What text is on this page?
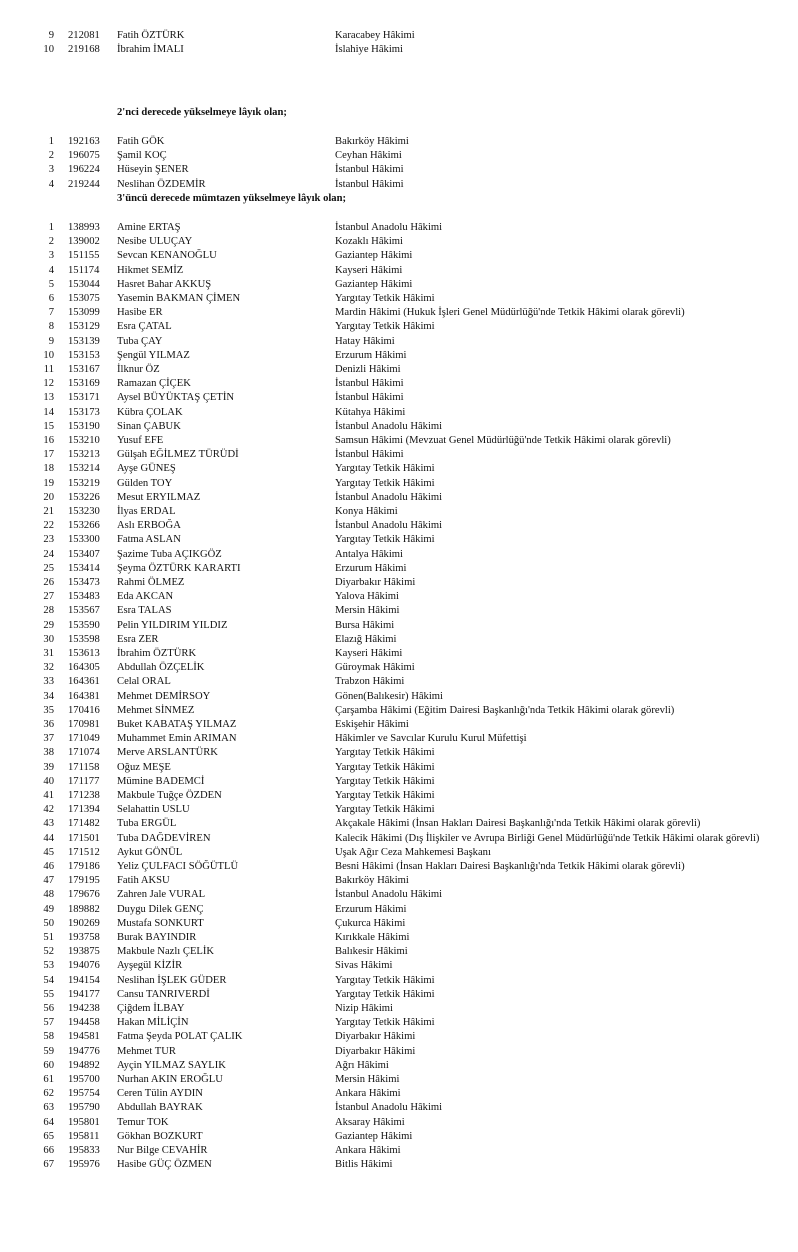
9 212081 Fatih ÖZTÜRK	Karacabey Hâkimi
10 219168 İbrahim İMALI	İslahiye Hâkimi
2'nci derecede yükselmeye lâyık olan;
1 192163 Fatih GÖK	Bakırköy Hâkimi
2 196075 Şamil KOÇ	Ceyhan Hâkimi
3 196224 Hüseyin ŞENER	İstanbul Hâkimi
4 219244 Neslihan ÖZDEMİR	İstanbul Hâkimi
3'üncü derecede mümtazen yükselmeye lâyık olan;
1 138993 Amine ERTAŞ	İstanbul Anadolu Hâkimi
2 139002 Nesibe ULUÇAY	Kozaklı Hâkimi
3 151155 Sevcan KENANOĞLU	Gaziantep Hâkimi
4 151174 Hikmet SEMİZ	Kayseri Hâkimi
5 153044 Hasret Bahar AKKUŞ	Gaziantep Hâkimi
6 153075 Yasemin BAKMAN ÇİMEN	Yargıtay Tetkik Hâkimi
7 153099 Hasibe ER	Mardin Hâkimi (Hukuk İşleri Genel Müdürlüğü'nde Tetkik Hâkimi olarak görevli)
8 153129 Esra ÇATAL	Yargıtay Tetkik Hâkimi
9 153139 Tuba ÇAY	Hatay Hâkimi
10 153153 Şengül YILMAZ	Erzurum Hâkimi
11 153167 İlknur ÖZ	Denizli Hâkimi
12 153169 Ramazan ÇİÇEK	İstanbul Hâkimi
13 153171 Aysel BÜYÜKTAŞ ÇETİN	İstanbul Hâkimi
14 153173 Kübra ÇOLAK	Kütahya Hâkimi
15 153190 Sinan ÇABUK	İstanbul Anadolu Hâkimi
16 153210 Yusuf EFE	Samsun Hâkimi (Mevzuat Genel Müdürlüğü'nde Tetkik Hâkimi olarak görevli)
17 153213 Gülşah EĞİLMEZ TÜRÜDİ	İstanbul Hâkimi
18 153214 Ayşe GÜNEŞ	Yargıtay Tetkik Hâkimi
19 153219 Gülden TOY	Yargıtay Tetkik Hâkimi
20 153226 Mesut ERYILMAZ	İstanbul Anadolu Hâkimi
21 153230 İlyas ERDAL	Konya Hâkimi
22 153266 Aslı ERBOĞA	İstanbul Anadolu Hâkimi
23 153300 Fatma ASLAN	Yargıtay Tetkik Hâkimi
24 153407 Şazime Tuba AÇIKGÖZ	Antalya Hâkimi
25 153414 Şeyma ÖZTÜRK KARARTI	Erzurum Hâkimi
26 153473 Rahmi ÖLMEZ	Diyarbakır Hâkimi
27 153483 Eda AKCAN	Yalova Hâkimi
28 153567 Esra TALAS	Mersin Hâkimi
29 153590 Pelin YILDIRIM YILDIZ	Bursa Hâkimi
30 153598 Esra ZER	Elazığ Hâkimi
31 153613 İbrahim ÖZTÜRK	Kayseri Hâkimi
32 164305 Abdullah ÖZÇELİK	Güroymak Hâkimi
33 164361 Celal ORAL	Trabzon Hâkimi
34 164381 Mehmet DEMİRSOY	Gönen(Balıkesir) Hâkimi
35 170416 Mehmet SİNMEZ	Çarşamba Hâkimi (Eğitim Dairesi Başkanlığı'nda Tetkik Hâkimi olarak görevli)
36 170981 Buket KABATAŞ YILMAZ	Eskişehir Hâkimi
37 171049 Muhammet Emin ARIMAN	Hâkimler ve Savcılar Kurulu Kurul Müfettişi
38 171074 Merve ARSLANTÜRK	Yargıtay Tetkik Hâkimi
39 171158 Oğuz MEŞE	Yargıtay Tetkik Hâkimi
40 171177 Mümine BADEMCİ	Yargıtay Tetkik Hâkimi
41 171238 Makbule Tuğçe ÖZDEN	Yargıtay Tetkik Hâkimi
42 171394 Selahattin USLU	Yargıtay Tetkik Hâkimi
43 171482 Tuba ERGÜL	Akçakale Hâkimi (İnsan Hakları Dairesi Başkanlığı'nda Tetkik Hâkimi olarak görevli)
44 171501 Tuba DAĞDEVİREN	Kalecik Hâkimi (Dış İlişkiler ve Avrupa Birliği Genel Müdürlüğü'nde Tetkik Hâkimi olarak görevli)
45 171512 Aykut GÖNÜL	Uşak Ağır Ceza Mahkemesi Başkanı
46 179186 Yeliz ÇULFACI SÖĞÜTLÜ	Besni Hâkimi (İnsan Hakları Dairesi Başkanlığı'nda Tetkik Hâkimi olarak görevli)
47 179195 Fatih AKSU	Bakırköy Hâkimi
48 179676 Zahren Jale VURAL	İstanbul Anadolu Hâkimi
49 189882 Duygu Dilek GENÇ	Erzurum Hâkimi
50 190269 Mustafa SONKURT	Çukurca Hâkimi
51 193758 Burak BAYINDIR	Kırıkkale Hâkimi
52 193875 Makbule Nazlı ÇELİK	Balıkesir Hâkimi
53 194076 Ayşegül KİZİR	Sivas Hâkimi
54 194154 Neslihan İŞLEK GÜDER	Yargıtay Tetkik Hâkimi
55 194177 Cansu TANRIVERDİ	Yargıtay Tetkik Hâkimi
56 194238 Çiğdem İLBAY	Nizip Hâkimi
57 194458 Hakan MİLİÇİN	Yargıtay Tetkik Hâkimi
58 194581 Fatma Şeyda POLAT ÇALIK	Diyarbakır Hâkimi
59 194776 Mehmet TUR	Diyarbakır Hâkimi
60 194892 Ayçin YILMAZ SAYLIK	Ağrı Hâkimi
61 195700 Nurhan AKIN EROĞLU	Mersin Hâkimi
62 195754 Ceren Tülin AYDIN	Ankara Hâkimi
63 195790 Abdullah BAYRAK	İstanbul Anadolu Hâkimi
64 195801 Temur TOK	Aksaray Hâkimi
65 195811 Gökhan BOZKURT	Gaziantep Hâkimi
66 195833 Nur Bilge CEVAHİR	Ankara Hâkimi
67 195976 Hasibe GÜÇ ÖZMEN	Bitlis Hâkimi
